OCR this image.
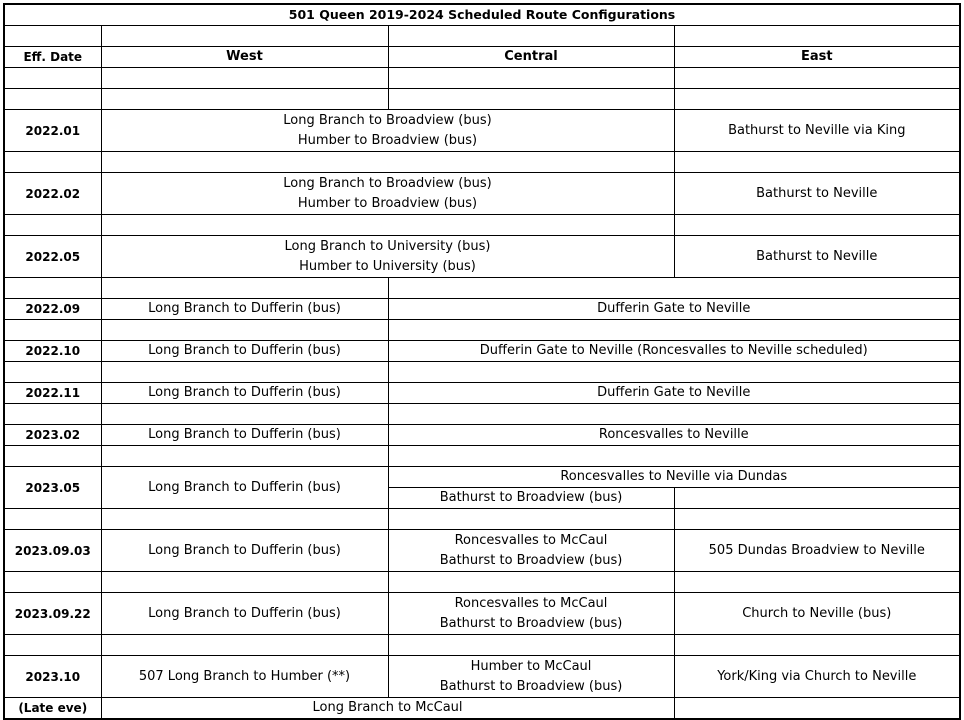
501 Queen 2019-2024 Scheduled Route Configurations			

Eff. Date	West	Central	East

2022.01	Long Branch to Broadview (bus)
Humber to Broadview (bus)		Bathurst to Neville via King

2022.02	Long Branch to Broadview (bus)
Humber to Broadview (bus)		Bathurst to Neville

2022.05	Long Branch to University (bus)
Humber to University (bus)		Bathurst to Neville

2022.09	Long Branch to Dufferin (bus)	Dufferin Gate to Neville	

2022.10	Long Branch to Dufferin (bus)	Dufferin Gate to Neville (Roncesvalles to Neville scheduled)	

2022.11	Long Branch to Dufferin (bus)	Dufferin Gate to Neville	

2023.02	Long Branch to Dufferin (bus)	Roncesvalles to Neville	

2023.05	Long Branch to Dufferin (bus)	Roncesvalles to Neville via Dundas	
		Bathurst to Broadview (bus)	

2023.09.03	Long Branch to Dufferin (bus)	Roncesvalles to McCaul
Bathurst to Broadview (bus)	505 Dundas Broadview to Neville

2023.09.22	Long Branch to Dufferin (bus)	Roncesvalles to McCaul
Bathurst to Broadview (bus)	Church to Neville (bus)

2023.10	507 Long Branch to Humber (**)	Humber to McCaul
Bathurst to Broadview (bus)	York/King via Church to Neville
(Late eve)	Long Branch to McCaul		
